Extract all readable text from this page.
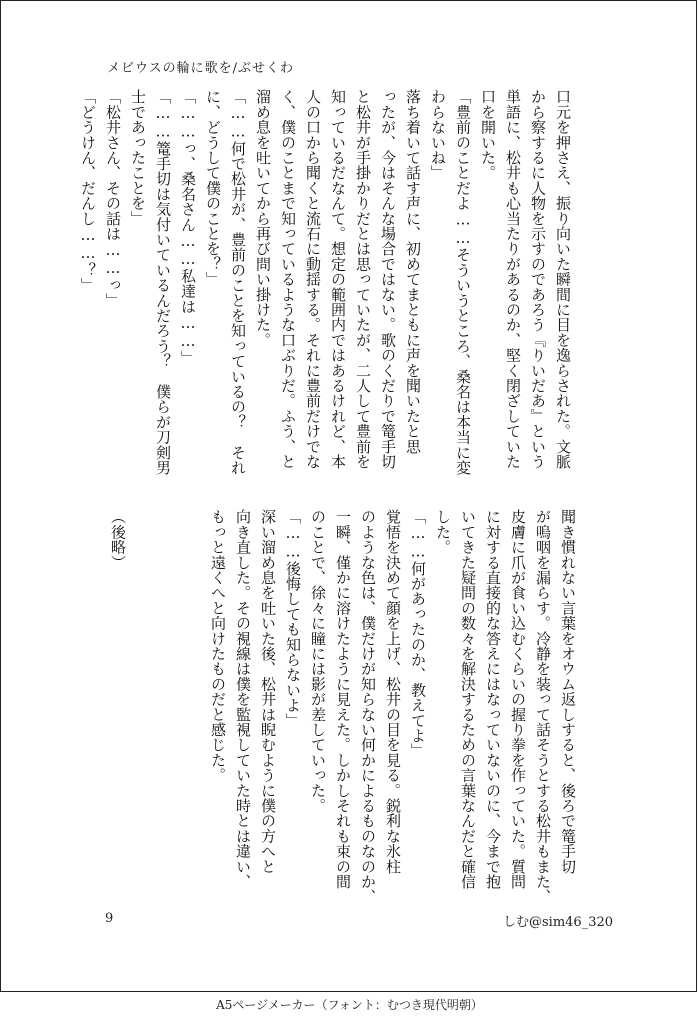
メビウスの輪に歌を/ぶせくわ

口元を押さえ、振り向いた瞬間に目を逸らされた。文脈

から察するに人物を示すのであろう『りいだあ』という

単語に、松井も心当たりがあるのか、堅く閉ざしていた

口を開いた。

「豊前のことだよ……そういうところ、桑名は本当に変

わらないね」

落ち着いて話す声に、初めてまともに声を聞いたと思

ったが、今はそんな場合ではない。歌のくだりで篭手切

と松井が手掛かりだとは思っていたが、二人して豊前を

知っているだなんて。想定の範囲内ではあるけれど、本

人の口から聞くと流石に動揺する。それに豊前だけでな

く、僕のことまで知っているような口ぶりだ。ふう、と

溜め息を吐いてから再び問い掛けた。

「……何で松井が、豊前のことを知っているの？　それ

に、どうして僕のことを？」

「……っ、桑名さん……私達は……」

「……篭手切は気付いているんだろう？　僕らが刀剣男

士であったことを」

「松井さん、その話は……っ」

「どうけん、だんし……？」

聞き慣れない言葉をオウム返しすると、後ろで篭手切

が嗚咽を漏らす。冷静を装って話そうとする松井もまた、

皮膚に爪が食い込むくらいの握り拳を作っていた。質問

に対する直接的な答えにはなっていないのに、今まで抱

いてきた疑問の数々を解決するための言葉なんだと確信

した。

「……何があったのか、教えてよ」

覚悟を決めて顔を上げ、松井の目を見る。鋭利な氷柱

のような色は、僕だけが知らない何かによるものなのか、

一瞬、僅かに溶けたように見えた。しかしそれも束の間

のことで、徐々に瞳には影が差していった。

「……後悔しても知らないよ」

深い溜め息を吐いた後、松井は睨むように僕の方へと

向き直した。その視線は僕を監視していた時とは違い、

もっと遠くへと向けたものだと感じた。

（後略）

9	しむ@sim46_320
A5ページメーカー（フォント：むつき現代明朝）
